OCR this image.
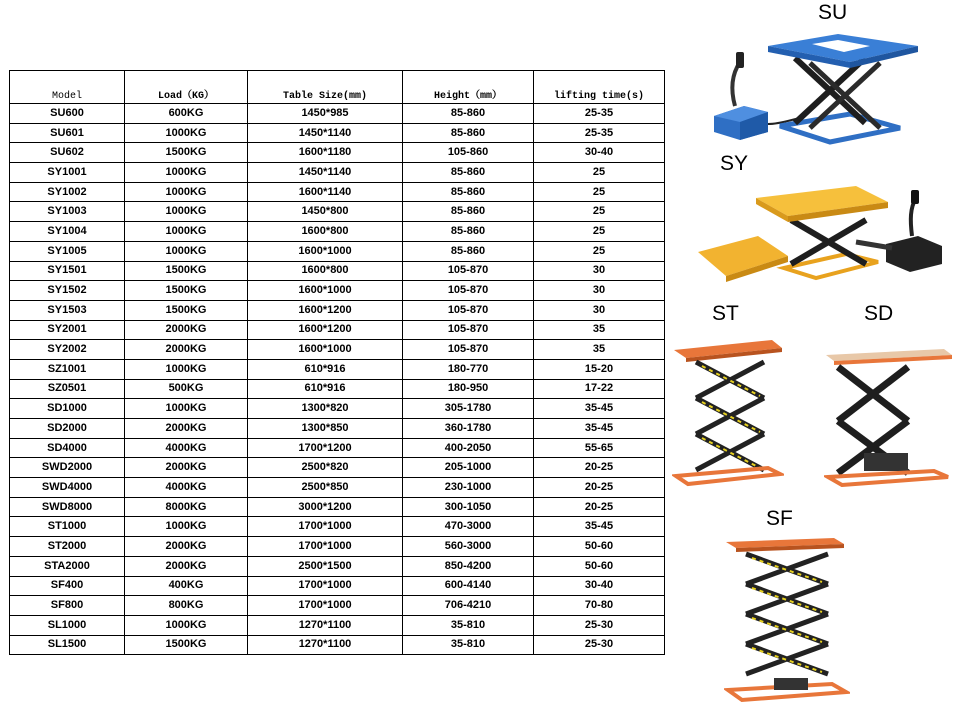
Model	Load（KG）	Table Size(mm)	Height（mm）	lifting time(s)
SU600	600KG	1450*985	85-860	25-35
SU601	1000KG	1450*1140	85-860	25-35
SU602	1500KG	1600*1180	105-860	30-40
SY1001	1000KG	1450*1140	85-860	25
SY1002	1000KG	1600*1140	85-860	25
SY1003	1000KG	1450*800	85-860	25
SY1004	1000KG	1600*800	85-860	25
SY1005	1000KG	1600*1000	85-860	25
SY1501	1500KG	1600*800	105-870	30
SY1502	1500KG	1600*1000	105-870	30
SY1503	1500KG	1600*1200	105-870	30
SY2001	2000KG	1600*1200	105-870	35
SY2002	2000KG	1600*1000	105-870	35
SZ1001	1000KG	610*916	180-770	15-20
SZ0501	500KG	610*916	180-950	17-22
SD1000	1000KG	1300*820	305-1780	35-45
SD2000	2000KG	1300*850	360-1780	35-45
SD4000	4000KG	1700*1200	400-2050	55-65
SWD2000	2000KG	2500*820	205-1000	20-25
SWD4000	4000KG	2500*850	230-1000	20-25
SWD8000	8000KG	3000*1200	300-1050	20-25
ST1000	1000KG	1700*1000	470-3000	35-45
ST2000	2000KG	1700*1000	560-3000	50-60
STA2000	2000KG	2500*1500	850-4200	50-60
SF400	400KG	1700*1000	600-4140	30-40
SF800	800KG	1700*1000	706-4210	70-80
SL1000	1000KG	1270*1100	35-810	25-30
SL1500	1500KG	1270*1100	35-810	25-30
SU
SY
ST	SD
SF
